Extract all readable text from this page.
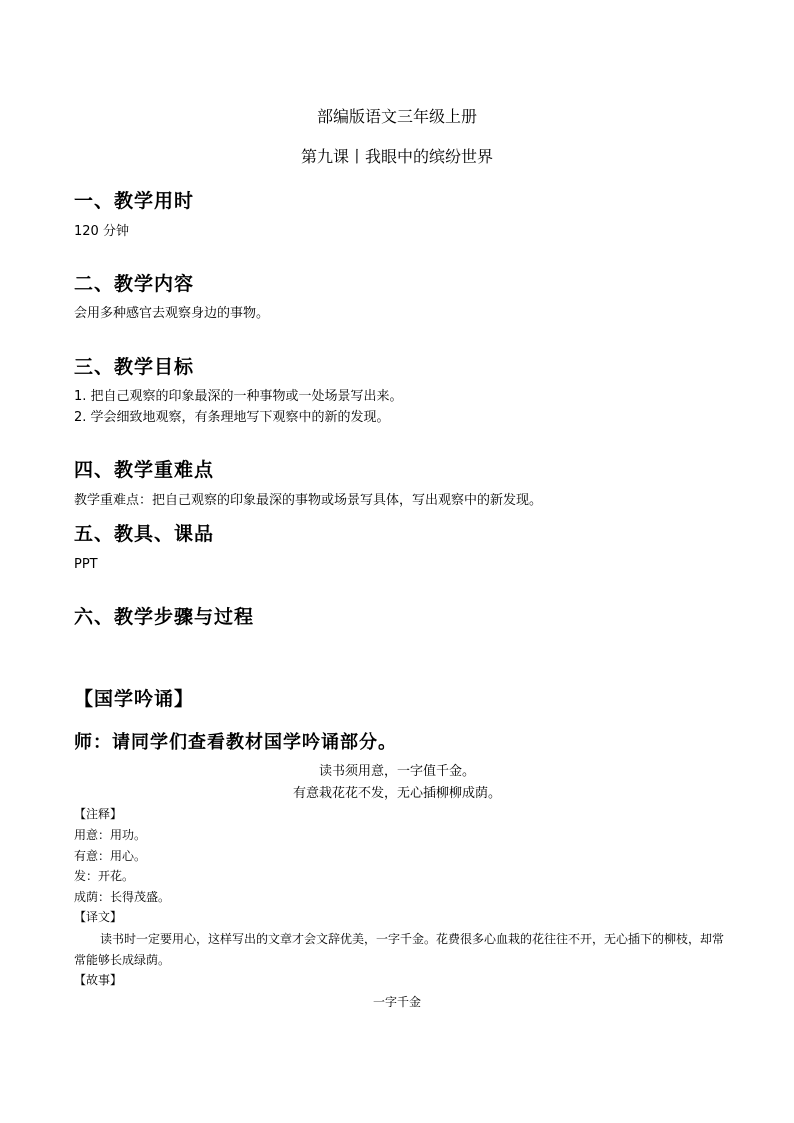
部编版语文三年级上册
第九课丨我眼中的缤纷世界
一、教学用时
120 分钟
二、教学内容
会用多种感官去观察身边的事物。
三、教学目标
1. 把自己观察的印象最深的一种事物或一处场景写出来。
2. 学会细致地观察，有条理地写下观察中的新的发现。
四、教学重难点
教学重难点：把自己观察的印象最深的事物或场景写具体，写出观察中的新发现。
五、教具、课品
PPT
六、教学步骤与过程
【国学吟诵】
师：请同学们查看教材国学吟诵部分。
读书须用意，一字值千金。
有意栽花花不发，无心插柳柳成荫。
【注释】
用意：用功。
有意：用心。
发：开花。
成荫：长得茂盛。
【译文】
读书时一定要用心，这样写出的文章才会文辞优美，一字千金。花费很多心血栽的花往往不开，无心插下的柳枝，却常常能够长成绿荫。
【故事】
一字千金
